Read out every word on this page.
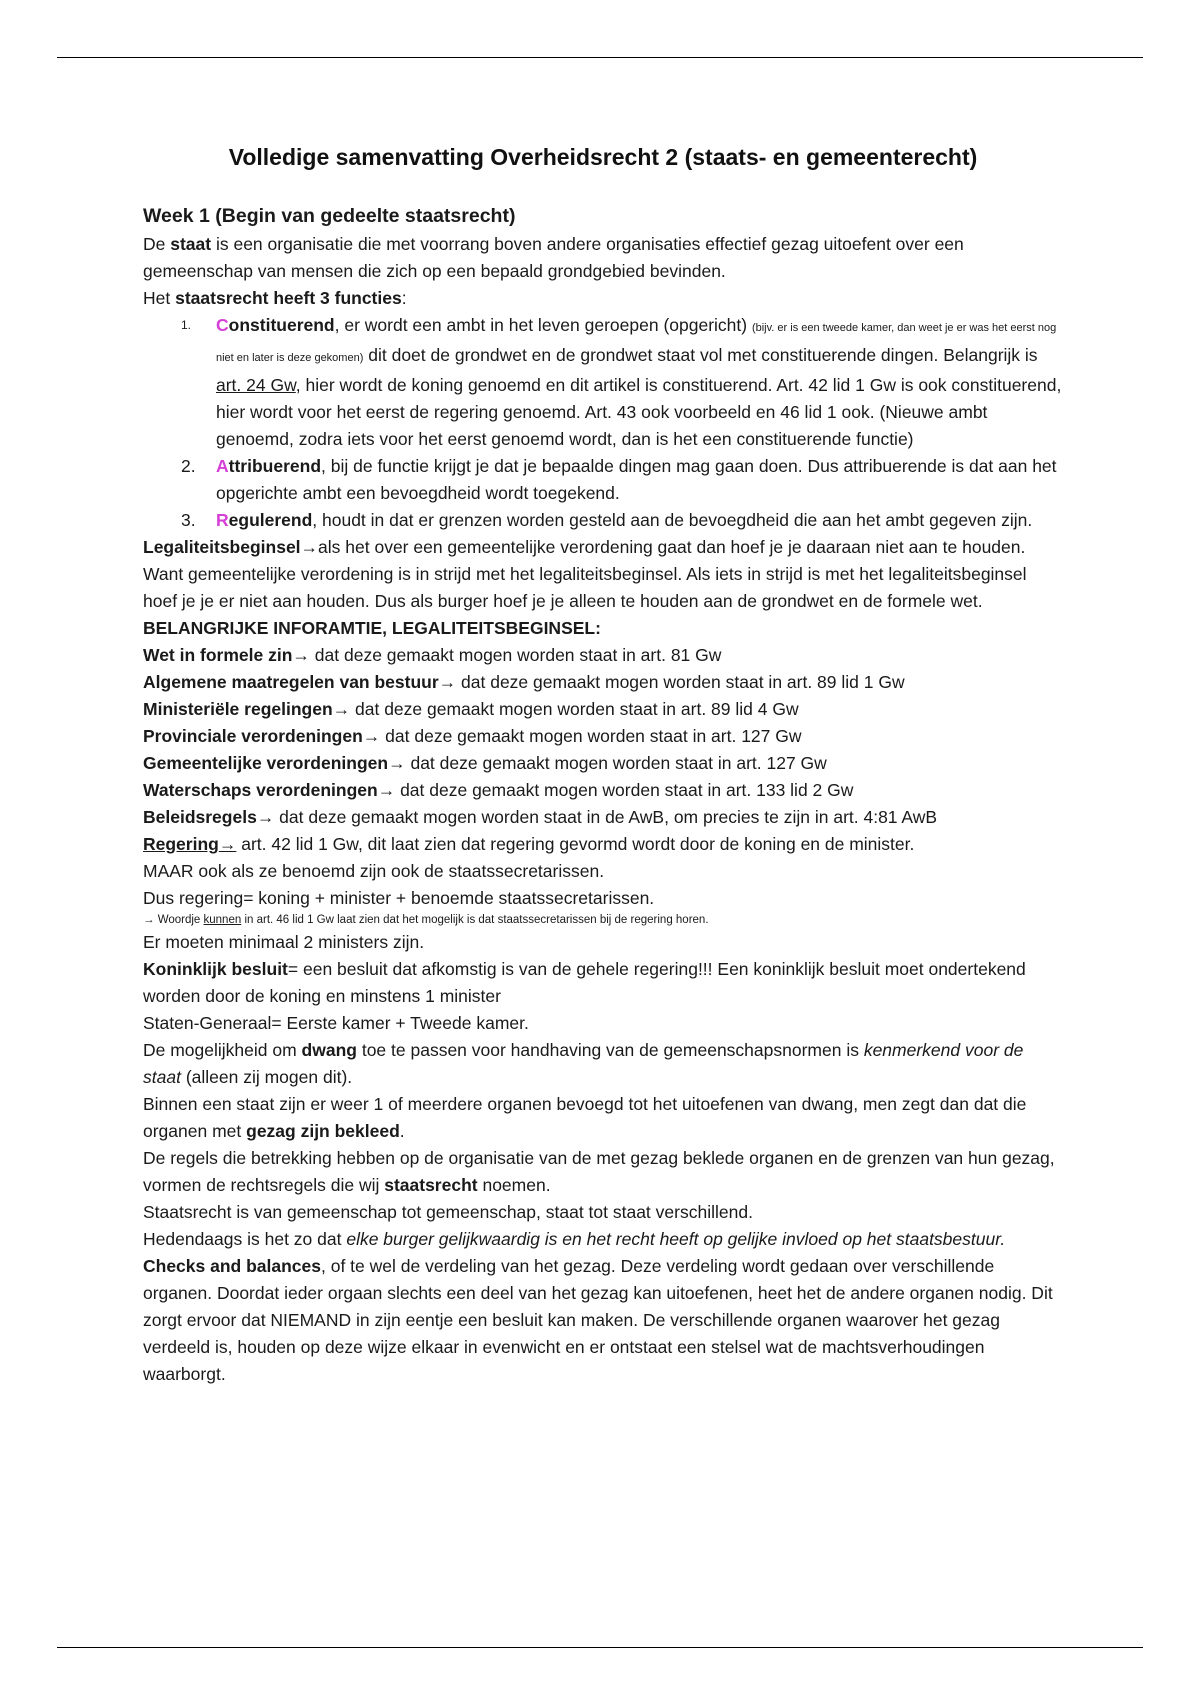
Volledige samenvatting Overheidsrecht 2 (staats- en gemeenterecht)
Week 1 (Begin van gedeelte staatsrecht)

De staat is een organisatie die met voorrang boven andere organisaties effectief gezag uitoefent over een gemeenschap van mensen die zich op een bepaald grondgebied bevinden.

Het staatsrecht heeft 3 functies:

1. Constituerend, er wordt een ambt in het leven geroepen (opgericht) (bijv. er is een tweede kamer, dan weet je er was het eerst nog niet en later is deze gekomen) dit doet de grondwet en de grondwet staat vol met constituerende dingen. Belangrijk is art. 24 Gw, hier wordt de koning genoemd en dit artikel is constituerend. Art. 42 lid 1 Gw is ook constituerend, hier wordt voor het eerst de regering genoemd. Art. 43 ook voorbeeld en 46 lid 1 ook. (Nieuwe ambt genoemd, zodra iets voor het eerst genoemd wordt, dan is het een constituerende functie)
2. Attribuerend, bij de functie krijgt je dat je bepaalde dingen mag gaan doen. Dus attribuerende is dat aan het opgerichte ambt een bevoegdheid wordt toegekend.
3. Regulerend, houdt in dat er grenzen worden gesteld aan de bevoegdheid die aan het ambt gegeven zijn.

Legaliteitsbeginsel→als het over een gemeentelijke verordening gaat dan hoef je je daaraan niet aan te houden. Want gemeentelijke verordening is in strijd met het legaliteitsbeginsel. Als iets in strijd is met het legaliteitsbeginsel hoef je je er niet aan houden. Dus als burger hoef je je alleen te houden aan de grondwet en de formele wet.

BELANGRIJKE INFORAMTIE, LEGALITEITSBEGINSEL:

Wet in formele zin→ dat deze gemaakt mogen worden staat in art. 81 Gw

Algemene maatregelen van bestuur→ dat deze gemaakt mogen worden staat in art. 89 lid 1 Gw

Ministeriële regelingen→ dat deze gemaakt mogen worden staat in art. 89 lid 4 Gw

Provinciale verordeningen→ dat deze gemaakt mogen worden staat in art. 127 Gw

Gemeentelijke verordeningen→ dat deze gemaakt mogen worden staat in art. 127 Gw

Waterschaps verordeningen→ dat deze gemaakt mogen worden staat in art. 133 lid 2 Gw

Beleidsregels→ dat deze gemaakt mogen worden staat in de AwB, om precies te zijn in art. 4:81 AwB

Regering→ art. 42 lid 1 Gw, dit laat zien dat regering gevormd wordt door de koning en de minister.

MAAR ook als ze benoemd zijn ook de staatssecretarissen.

Dus regering= koning + minister + benoemde staatssecretarissen.

→ Woordje kunnen in art. 46 lid 1 Gw laat zien dat het mogelijk is dat staatssecretarissen bij de regering horen.

Er moeten minimaal 2 ministers zijn.

Koninklijk besluit= een besluit dat afkomstig is van de gehele regering!!! Een koninklijk besluit moet ondertekend worden door de koning en minstens 1 minister

Staten-Generaal= Eerste kamer + Tweede kamer.

De mogelijkheid om dwang toe te passen voor handhaving van de gemeenschapsnormen is kenmerkend voor de staat (alleen zij mogen dit).

Binnen een staat zijn er weer 1 of meerdere organen bevoegd tot het uitoefenen van dwang, men zegt dan dat die organen met gezag zijn bekleed.

De regels die betrekking hebben op de organisatie van de met gezag beklede organen en de grenzen van hun gezag, vormen de rechtsregels die wij staatsrecht noemen.

Staatsrecht is van gemeenschap tot gemeenschap, staat tot staat verschillend.

Hedendaags is het zo dat elke burger gelijkwaardig is en het recht heeft op gelijke invloed op het staatsbestuur.

Checks and balances, of te wel de verdeling van het gezag. Deze verdeling wordt gedaan over verschillende organen. Doordat ieder orgaan slechts een deel van het gezag kan uitoefenen, heet het de andere organen nodig. Dit zorgt ervoor dat NIEMAND in zijn eentje een besluit kan maken. De verschillende organen waarover het gezag verdeeld is, houden op deze wijze elkaar in evenwicht en er ontstaat een stelsel wat de machtsverhoudingen waarborgt.
